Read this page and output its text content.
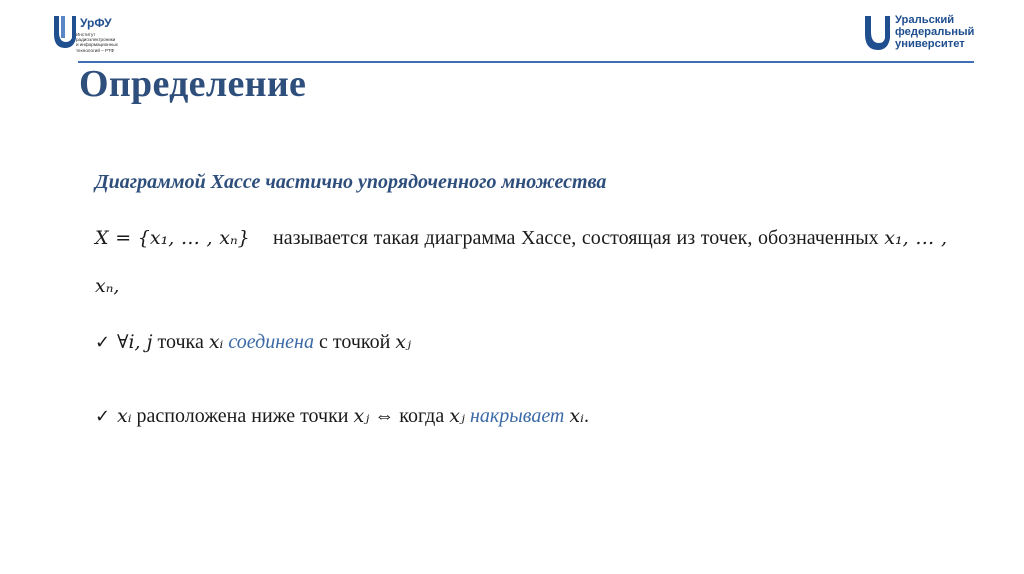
УрФУ
Институт
радиоэлектроники
и информационных
технологий – РТФ
Уральский
федеральный
университет
Определение

Диаграммой Хассе частично упорядоченного множества

X = {x₁, … , xₙ} называется такая диаграмма Хассе, состоящая из точек, обозначенных x₁, … , xₙ,
✓ ∀i, j точка xᵢ соединена с точкой xⱼ
✓ xᵢ расположена ниже точки xⱼ ⇔ когда xⱼ накрывает xᵢ.
